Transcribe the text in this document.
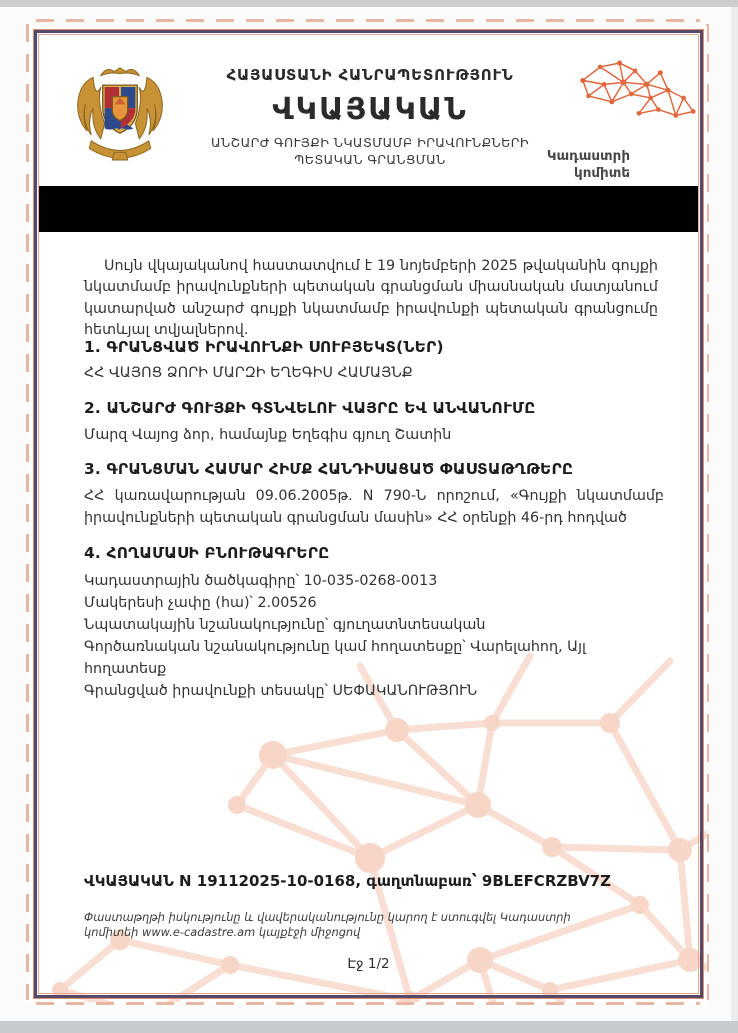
ՀԱՅԱՍՏԱՆԻ ՀԱՆՐԱՊԵՏՈՒԹՅՈՒՆ
ՎԿԱՅԱԿԱՆ
ԱՆՇԱՐԺ ԳՈՒՅՔԻ ՆԿԱՏՄԱՄԲ ԻՐԱՎՈՒՆՔՆԵՐԻ
ՊԵՏԱԿԱՆ ԳՐԱՆՑՄԱՆ	Կադաստրի
կոմիտե
Սույն վկայականով հաստատվում է 19 նոյեմբերի 2025 թվականին գույքի նկատմամբ իրավունքների պետական գրանցման միասնական մատյանում կատարված անշարժ գույքի նկատմամբ իրավունքի պետական գրանցումը հետևյալ տվյալներով.
1. ԳՐԱՆՑՎԱԾ ԻՐԱՎՈՒՆՔԻ ՍՈՒԲՅԵԿՏ(ՆԵՐ)
ՀՀ ՎԱՅՈՑ ՁՈՐԻ ՄԱՐԶԻ ԵՂԵԳԻՍ ՀԱՄԱՅՆՔ
2. ԱՆՇԱՐԺ ԳՈՒՅՔԻ ԳՏՆՎԵԼՈՒ ՎԱՅՐԸ ԵՎ ԱՆՎԱՆՈՒՄԸ
Մարզ Վայոց ձոր, համայնք Եղեգիս գյուղ Շատին
3. ԳՐԱՆՑՄԱՆ ՀԱՄԱՐ ՀԻՄՔ ՀԱՆԴԻՍԱՑԱԾ ՓԱՍՏԱԹՂԹԵՐԸ
ՀՀ կառավարության 09.06.2005թ. N 790-Ն որոշում, «Գույքի նկատմամբ իրավունքների պետական գրանցման մասին» ՀՀ օրենքի 46-րդ հոդված
4. ՀՈՂԱՄԱՍԻ ԲՆՈՒԹԱԳՐԵՐԸ
Կադաստրային ծածկագիրը՝ 10-035-0268-0013
Մակերեսի չափը (հա)՝ 2.00526
Նպատակային նշանակությունը՝ գյուղատնտեսական
Գործառնական նշանակությունը կամ հողատեսքը՝ Վարելահող, Այլ հողատեսք
Գրանցված իրավունքի տեսակը՝ ՍԵՓԱԿԱՆՈՒԹՅՈՒՆ
ՎԿԱՅԱԿԱՆ N 19112025-10-0168, գաղտնաբառ՝ 9BLEFCRZBV7Z
Փաստաթղթի իսկությունը և վավերականությունը կարող է ստուգվել Կադաստրի կոմիտեի www.e-cadastre.am կայքէջի միջոցով
Էջ 1/2
